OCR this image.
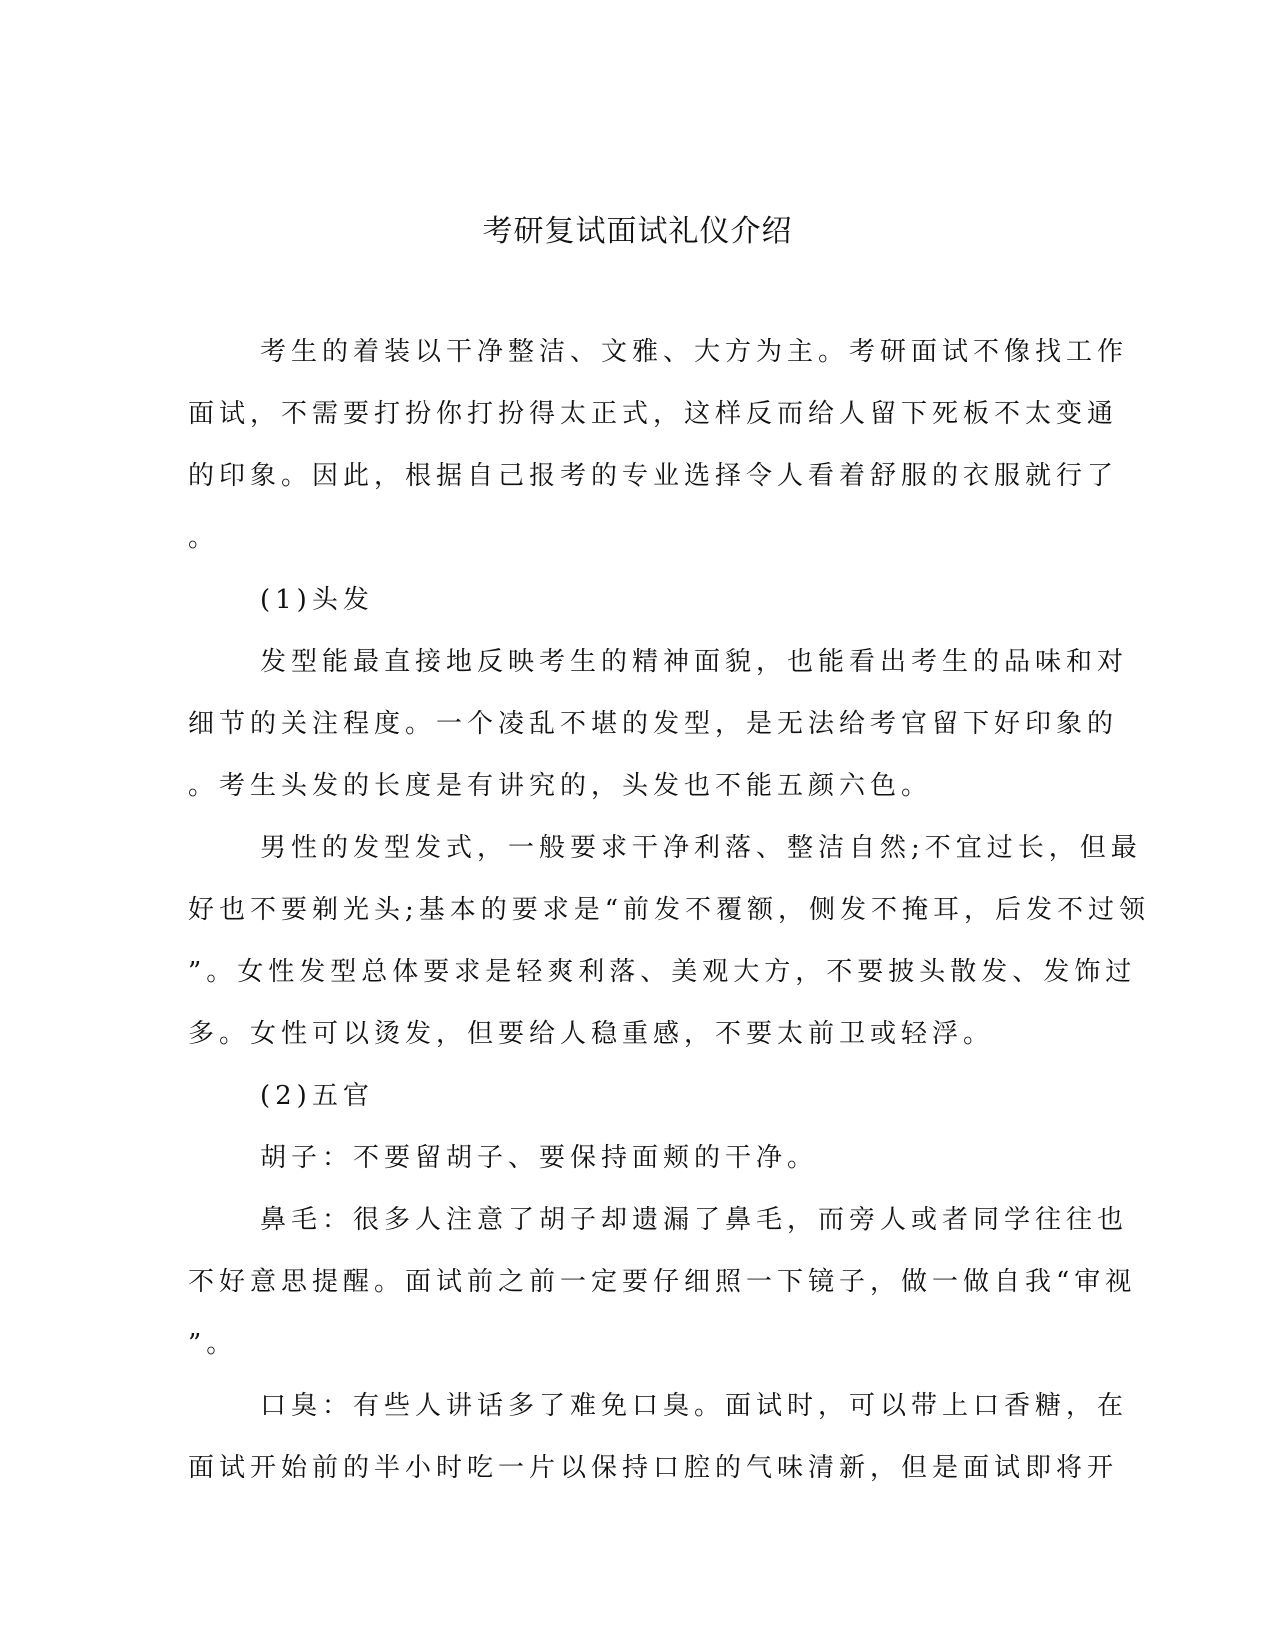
考研复试面试礼仪介绍

考生的着装以干净整洁、文雅、大方为主。考研面试不像找工作

面试，不需要打扮你打扮得太正式，这样反而给人留下死板不太变通

的印象。因此，根据自己报考的专业选择令人看着舒服的衣服就行了

。

(1)头发

发型能最直接地反映考生的精神面貌，也能看出考生的品味和对

细节的关注程度。一个凌乱不堪的发型，是无法给考官留下好印象的

。考生头发的长度是有讲究的，头发也不能五颜六色。

男性的发型发式，一般要求干净利落、整洁自然;不宜过长，但最

好也不要剃光头;基本的要求是“前发不覆额，侧发不掩耳，后发不过领

”。女性发型总体要求是轻爽利落、美观大方，不要披头散发、发饰过

多。女性可以烫发，但要给人稳重感，不要太前卫或轻浮。

(2)五官

胡子：不要留胡子、要保持面颊的干净。

鼻毛：很多人注意了胡子却遗漏了鼻毛，而旁人或者同学往往也

不好意思提醒。面试前之前一定要仔细照一下镜子，做一做自我“审视

”。

口臭：有些人讲话多了难免口臭。面试时，可以带上口香糖，在

面试开始前的半小时吃一片以保持口腔的气味清新，但是面试即将开
